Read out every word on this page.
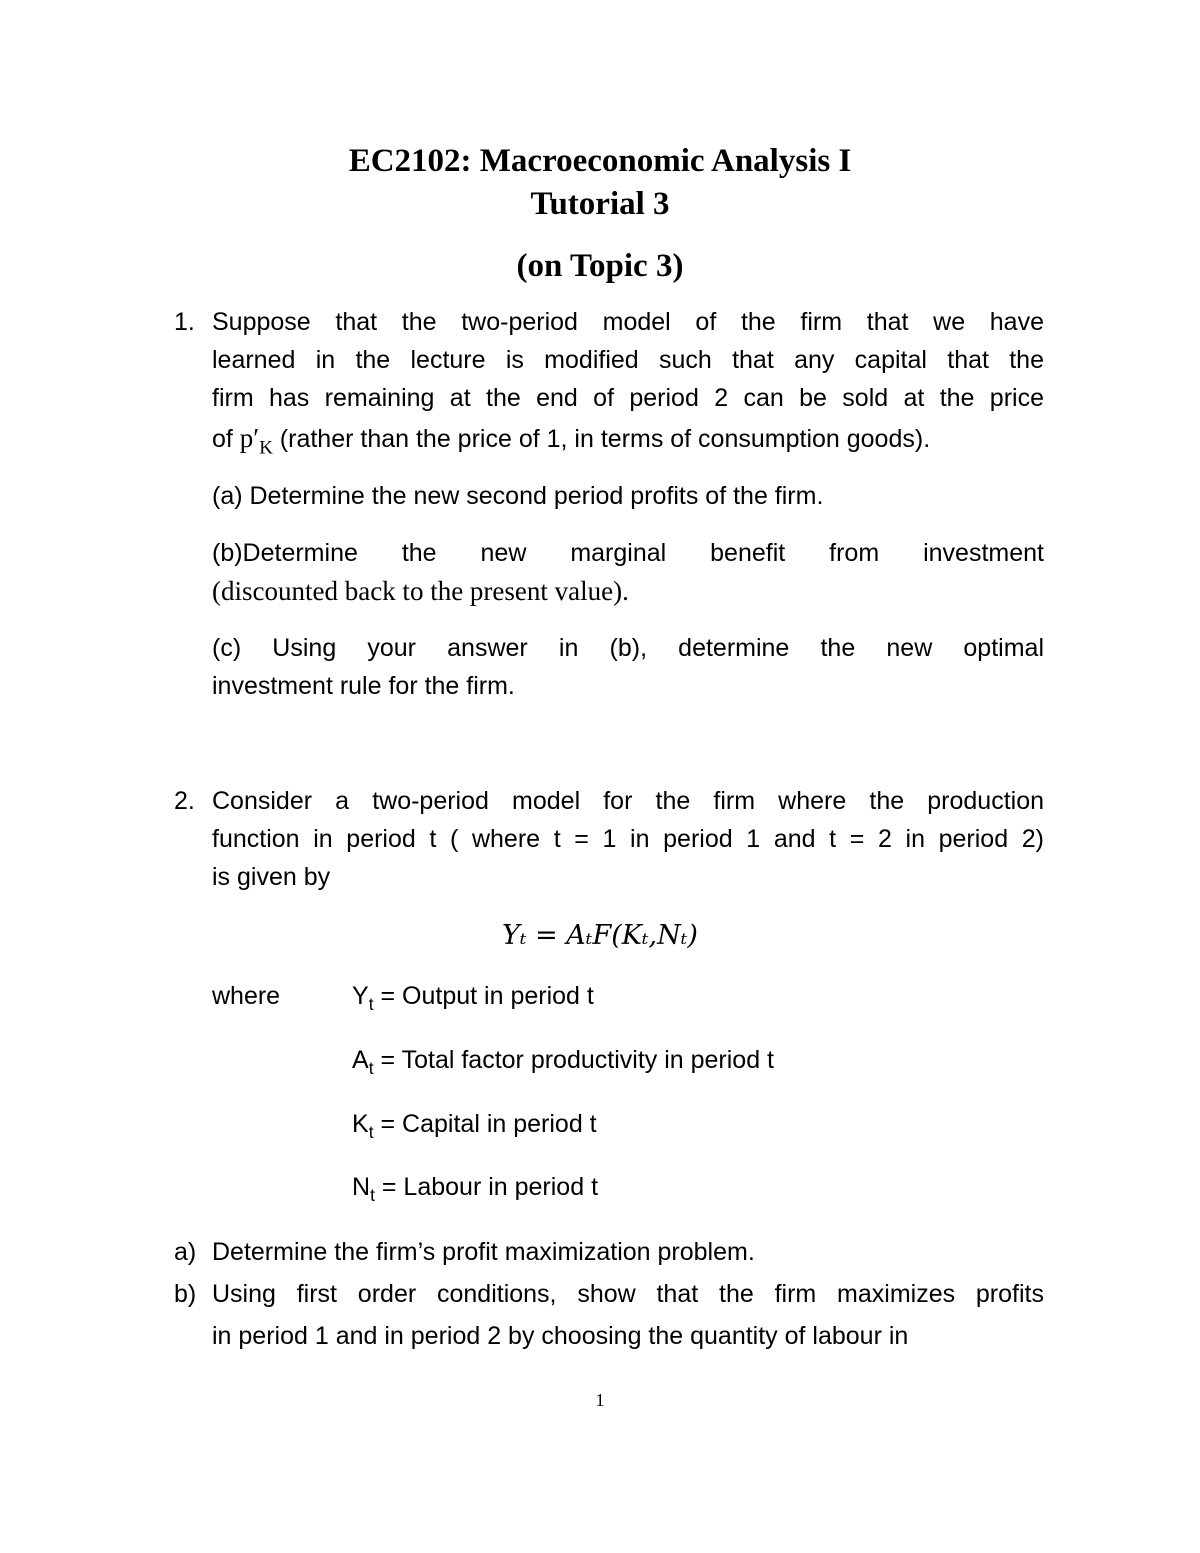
EC2102: Macroeconomic Analysis I
Tutorial 3
(on Topic 3)
1. Suppose that the two-period model of the firm that we have
learned in the lecture is modified such that any capital that the
firm has remaining at the end of period 2 can be sold at the price
of $p'_K$ (rather than the price of 1, in terms of consumption goods).
(a) Determine the new second period profits of the firm.
(b)Determine the new marginal benefit from investment
(discounted back to the present value).
(c) Using your answer in (b), determine the new optimal
investment rule for the firm.
2. Consider a two-period model for the firm where the production
function in period t ( where t = 1 in period 1 and t = 2 in period 2)
is given by
Yₜ = AₜF(Kₜ,Nₜ)
where	$Y_t$ = Output in period t
$A_t$ = Total factor productivity in period t
$K_t$ = Capital in period t
$N_t$ = Labour in period t
a) Determine the firm’s profit maximization problem.
b) Using first order conditions, show that the firm maximizes profits
in period 1 and in period 2 by choosing the quantity of labour in
1
